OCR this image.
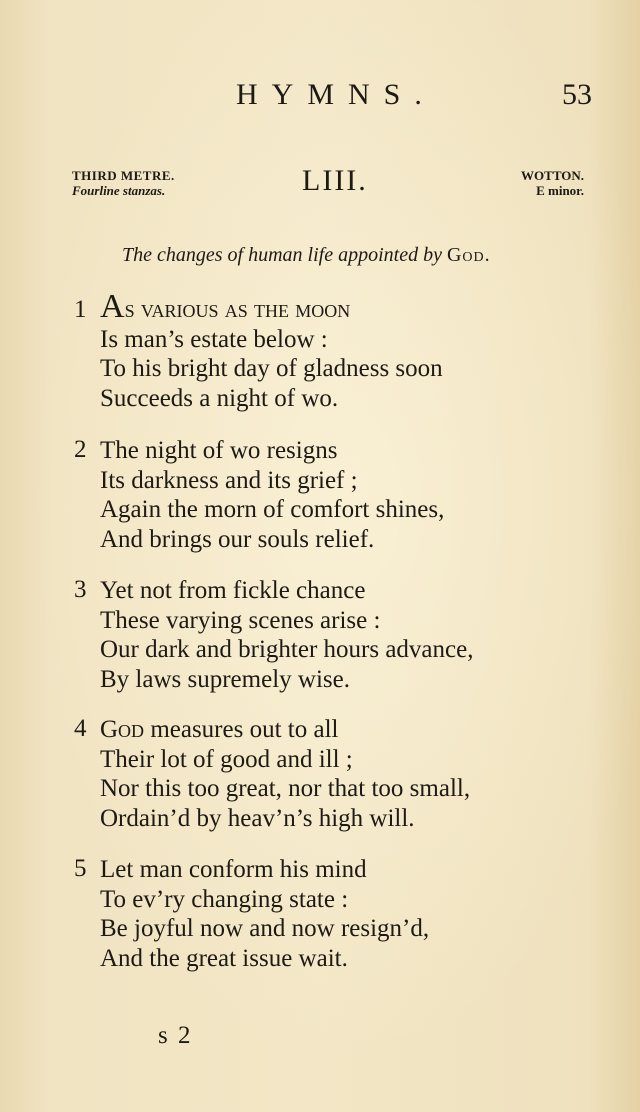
HYMNS.	53
THIRD METRE.
Fourline stanzas.	LIII.	WOTTON.
E minor.
The changes of human life appointed by God.
1 As various as the moon
Is man’s estate below :
To his bright day of gladness soon
Succeeds a night of wo.
2 The night of wo resigns
Its darkness and its grief ;
Again the morn of comfort shines,
And brings our souls relief.
3 Yet not from fickle chance
These varying scenes arise :
Our dark and brighter hours advance,
By laws supremely wise.
4 God measures out to all
Their lot of good and ill ;
Nor this too great, nor that too small,
Ordain’d by heav’n’s high will.
5 Let man conform his mind
To ev’ry changing state :
Be joyful now and now resign’d,
And the great issue wait.
s 2
